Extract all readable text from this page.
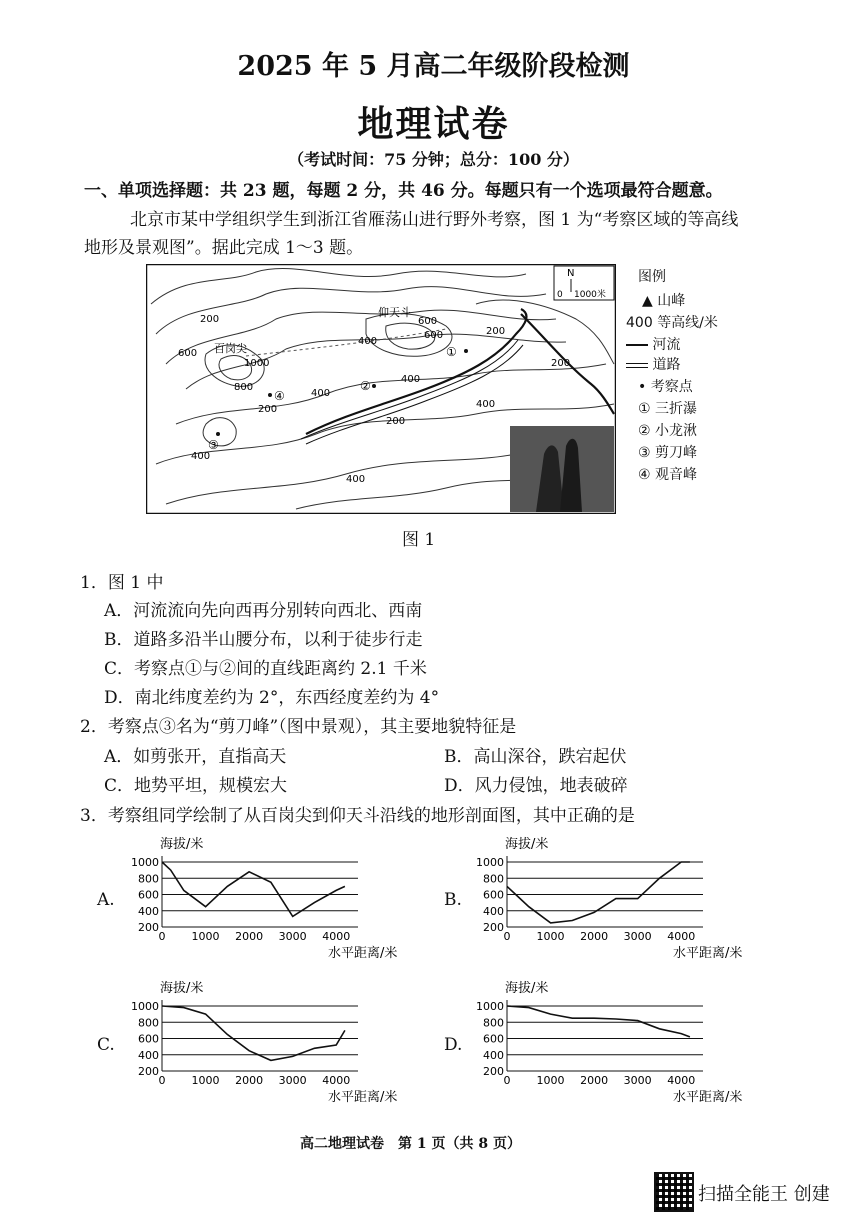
2025 年 5 月高二年级阶段检测
地理试卷
（考试时间：75 分钟；总分：100 分）
一、单项选择题：共 23 题，每题 2 分，共 46 分。每题只有一个选项最符合题意。
北京市某中学组织学生到浙江省雁荡山进行野外考察，图 1 为“考察区域的等高线
地形及景观图”。据此完成 1～3 题。
N
0 1000米
百岗尖
仰天斗
200
600
1000
800
400
600
400
200
400
400
400
200
400
600
200
200
①
②
③
④
图例
▲ 山峰
400 等高线/米
河流
道路
• 考察点
① 三折瀑
② 小龙湫
③ 剪刀峰
④ 观音峰
图 1
1．图 1 中
A．河流流向先向西再分别转向西北、西南
B．道路多沿半山腰分布，以利于徒步行走
C．考察点①与②间的直线距离约 2.1 千米
D．南北纬度差约为 2°，东西经度差约为 4°
2．考察点③名为“剪刀峰”（图中景观），其主要地貌特征是
A．如剪张开，直指高天	B．高山深谷，跌宕起伏
C．地势平坦，规模宏大	D．风力侵蚀，地表破碎
3．考察组同学绘制了从百岗尖到仰天斗沿线的地形剖面图，其中正确的是
A.	B.
C.	D.
海拔/米
200
400
600
800
1000
0 1000 2000 3000 4000
水平距离/米
海拔/米
200
400
600
800
1000
0 1000 2000 3000 4000
水平距离/米
海拔/米
200
400
600
800
1000
0 1000 2000 3000 4000
水平距离/米
海拔/米
200
400
600
800
1000
0 1000 2000 3000 4000
水平距离/米
高二地理试卷　第 1 页（共 8 页）
扫描全能王 创建
